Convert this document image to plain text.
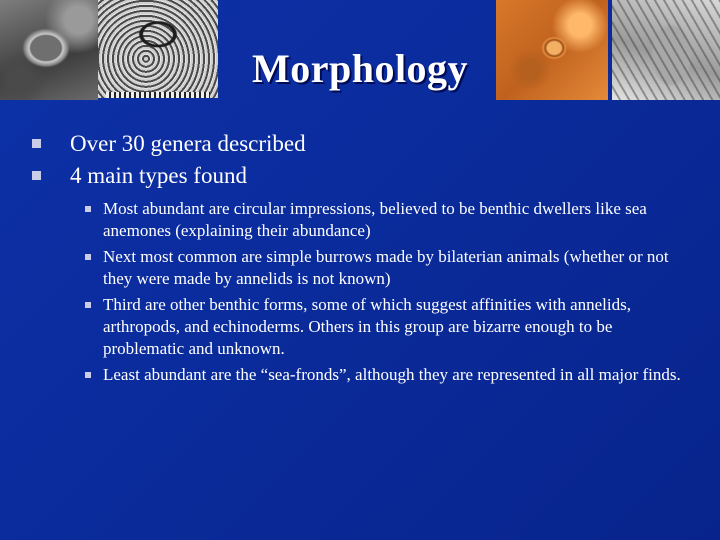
Morphology
Over 30 genera described
4 main types found
Most abundant are circular impressions, believed to be benthic dwellers like sea anemones (explaining their abundance)
Next most common are simple burrows made by bilaterian animals (whether or not they were made by annelids is not known)
Third are other benthic forms, some of which suggest affinities with annelids, arthropods, and echinoderms. Others in this group are bizarre enough to be problematic and unknown.
Least abundant are the “sea-fronds”, although they are represented in all major finds.
